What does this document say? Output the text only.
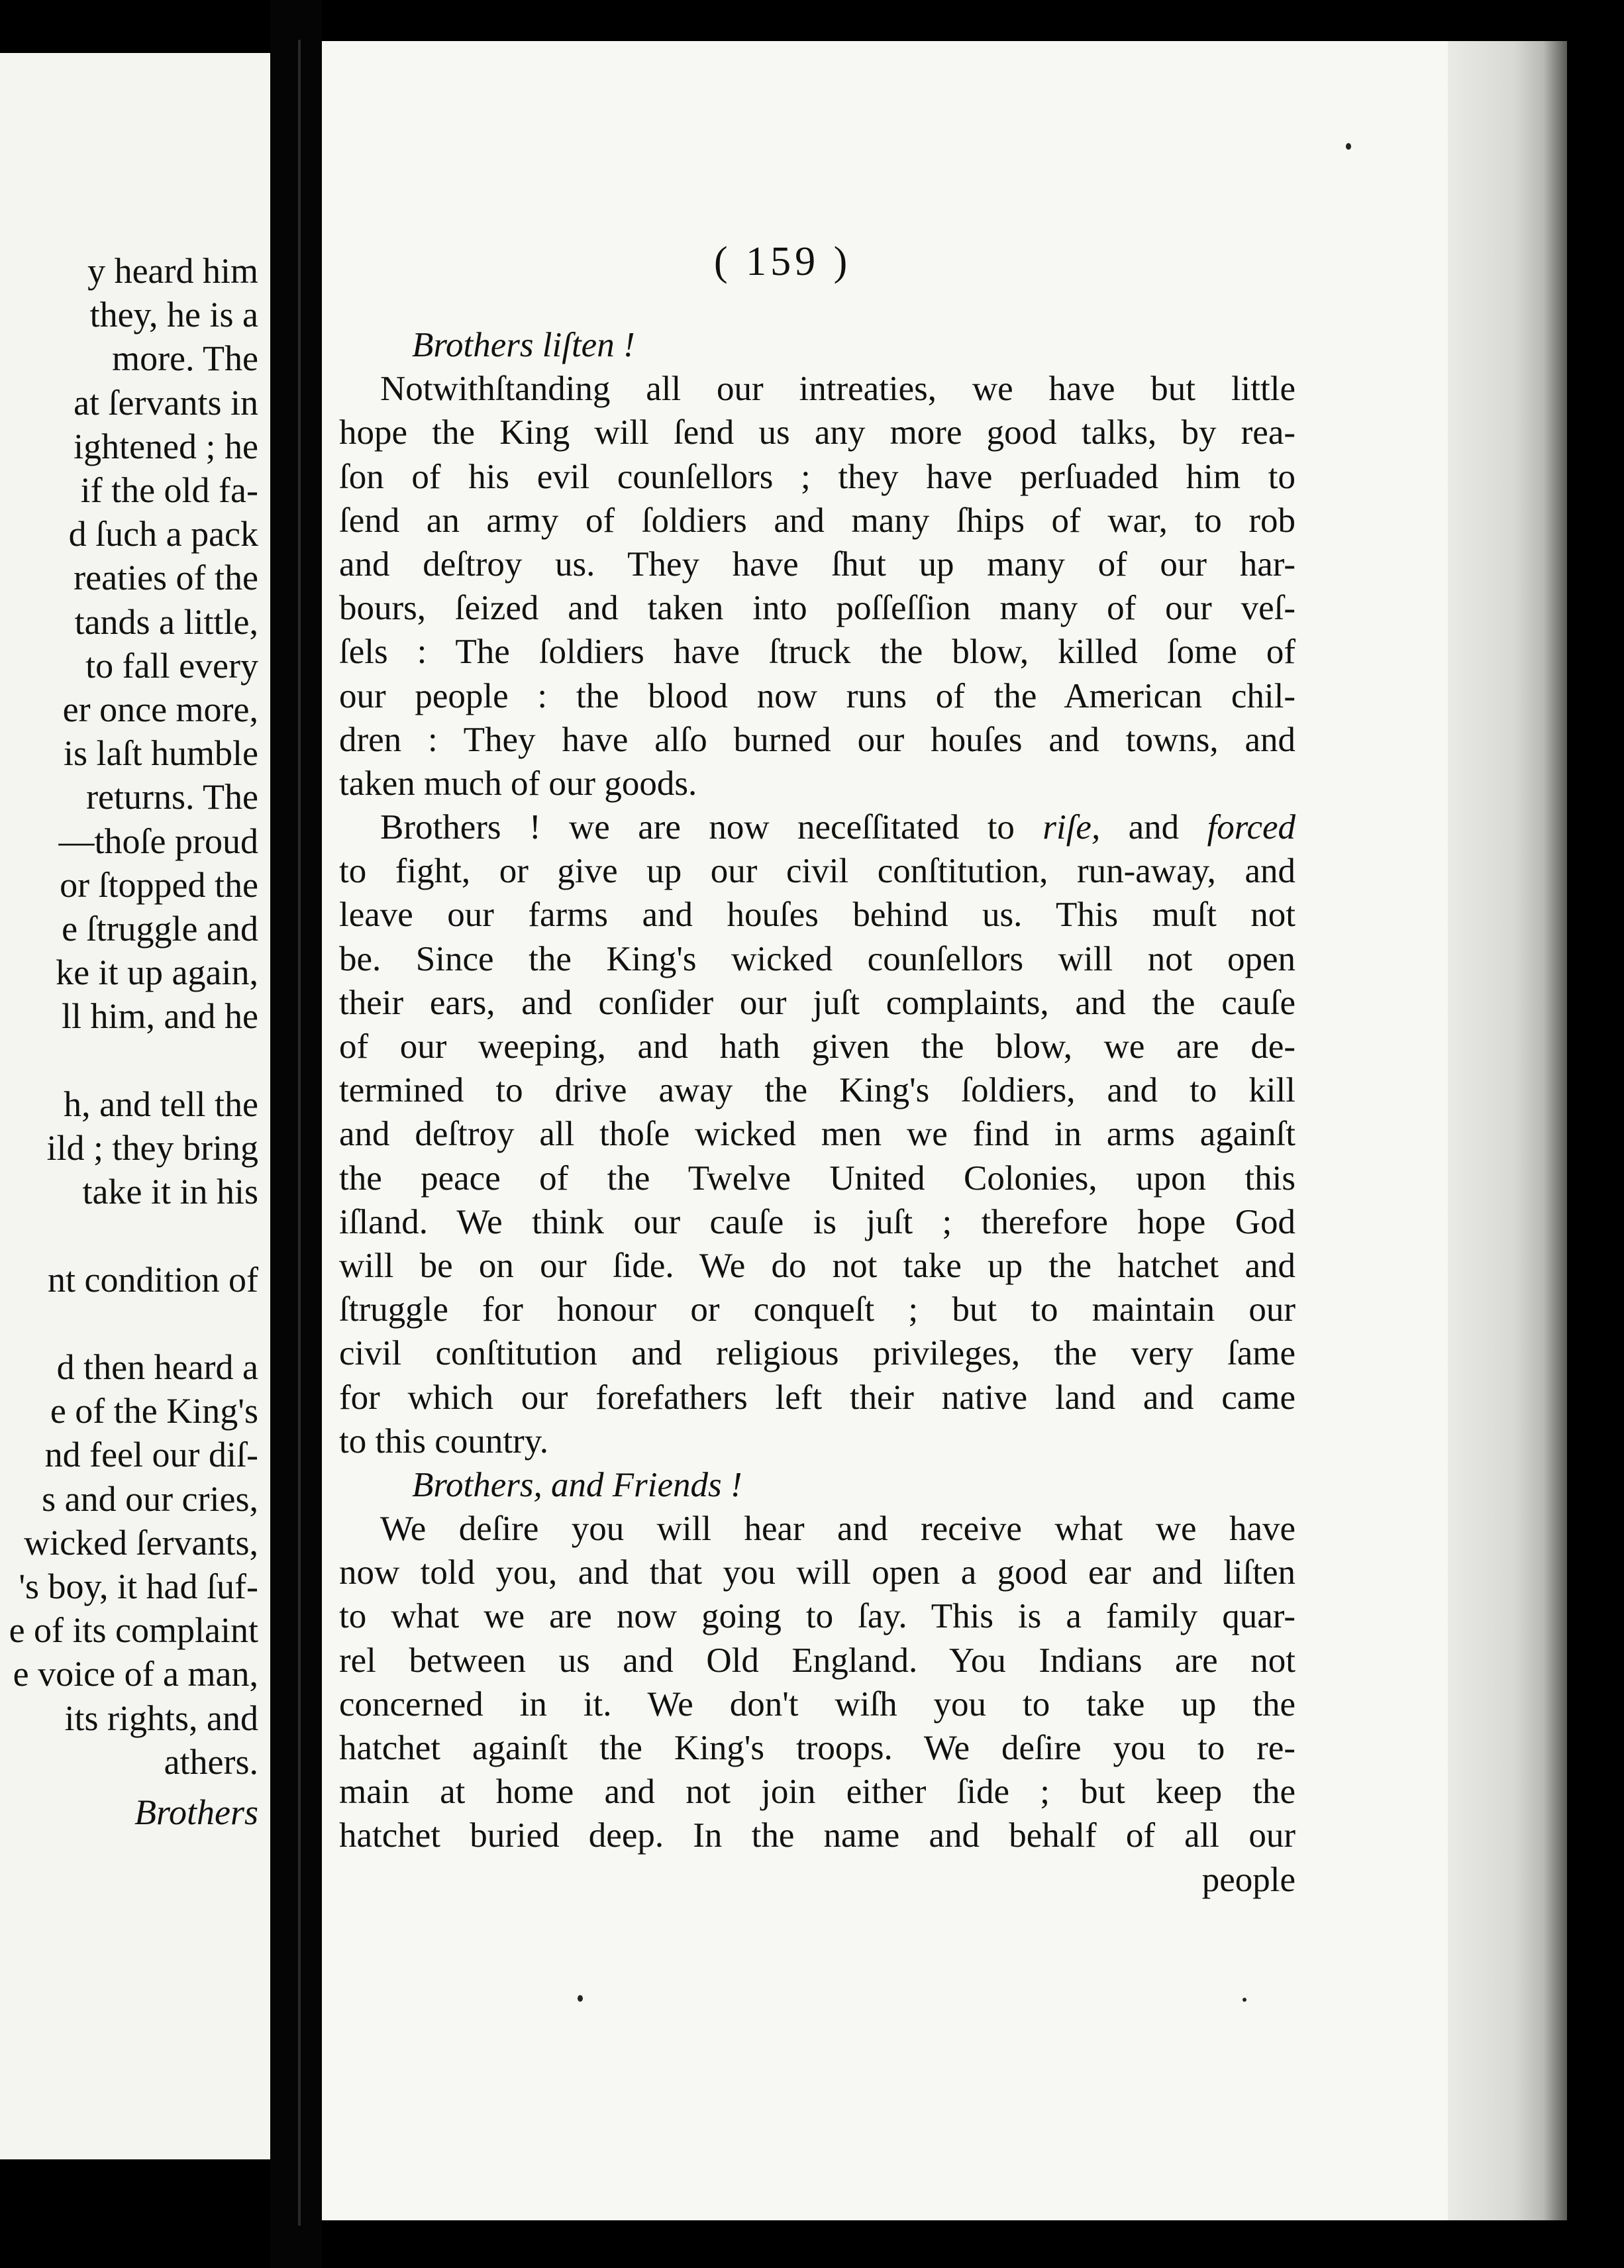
y heard him
they, he is a
more. The
at ſervants in
ightened ; he
if the old fa-
d ſuch a pack
reaties of the
tands a little,
to fall every
er once more,
is laſt humble
returns. The
—thoſe proud
or ſtopped the
e ſtruggle and
ke it up again,
ll him, and he
h, and tell the
ild ; they bring
take it in his
nt condition of
d then heard a
e of the King's
nd feel our diſ-
s and our cries,
wicked ſervants,
's boy, it had ſuf-
e of its complaint
e voice of a man,
its rights, and
athers.
Brothers
( 159 )
Brothers liſten !
Notwithſtanding all our intreaties, we have but little
hope the King will ſend us any more good talks, by rea-
ſon of his evil counſellors ; they have perſuaded him to
ſend an army of ſoldiers and many ſhips of war, to rob
and deſtroy us. They have ſhut up many of our har-
bours, ſeized and taken into poſſeſſion many of our veſ-
ſels : The ſoldiers have ſtruck the blow, killed ſome of
our people : the blood now runs of the American chil-
dren : They have alſo burned our houſes and towns, and
taken much of our goods.
Brothers ! we are now neceſſitated to riſe, and forced
to fight, or give up our civil conſtitution, run-away, and
leave our farms and houſes behind us. This muſt not
be. Since the King's wicked counſellors will not open
their ears, and conſider our juſt complaints, and the cauſe
of our weeping, and hath given the blow, we are de-
termined to drive away the King's ſoldiers, and to kill
and deſtroy all thoſe wicked men we find in arms againſt
the peace of the Twelve United Colonies, upon this
iſland. We think our cauſe is juſt ; therefore hope God
will be on our ſide. We do not take up the hatchet and
ſtruggle for honour or conqueſt ; but to maintain our
civil conſtitution and religious privileges, the very ſame
for which our forefathers left their native land and came
to this country.
Brothers, and Friends !
We deſire you will hear and receive what we have
now told you, and that you will open a good ear and liſten
to what we are now going to ſay. This is a family quar-
rel between us and Old England. You Indians are not
concerned in it. We don't wiſh you to take up the
hatchet againſt the King's troops. We deſire you to re-
main at home and not join either ſide ; but keep the
hatchet buried deep. In the name and behalf of all our
people
